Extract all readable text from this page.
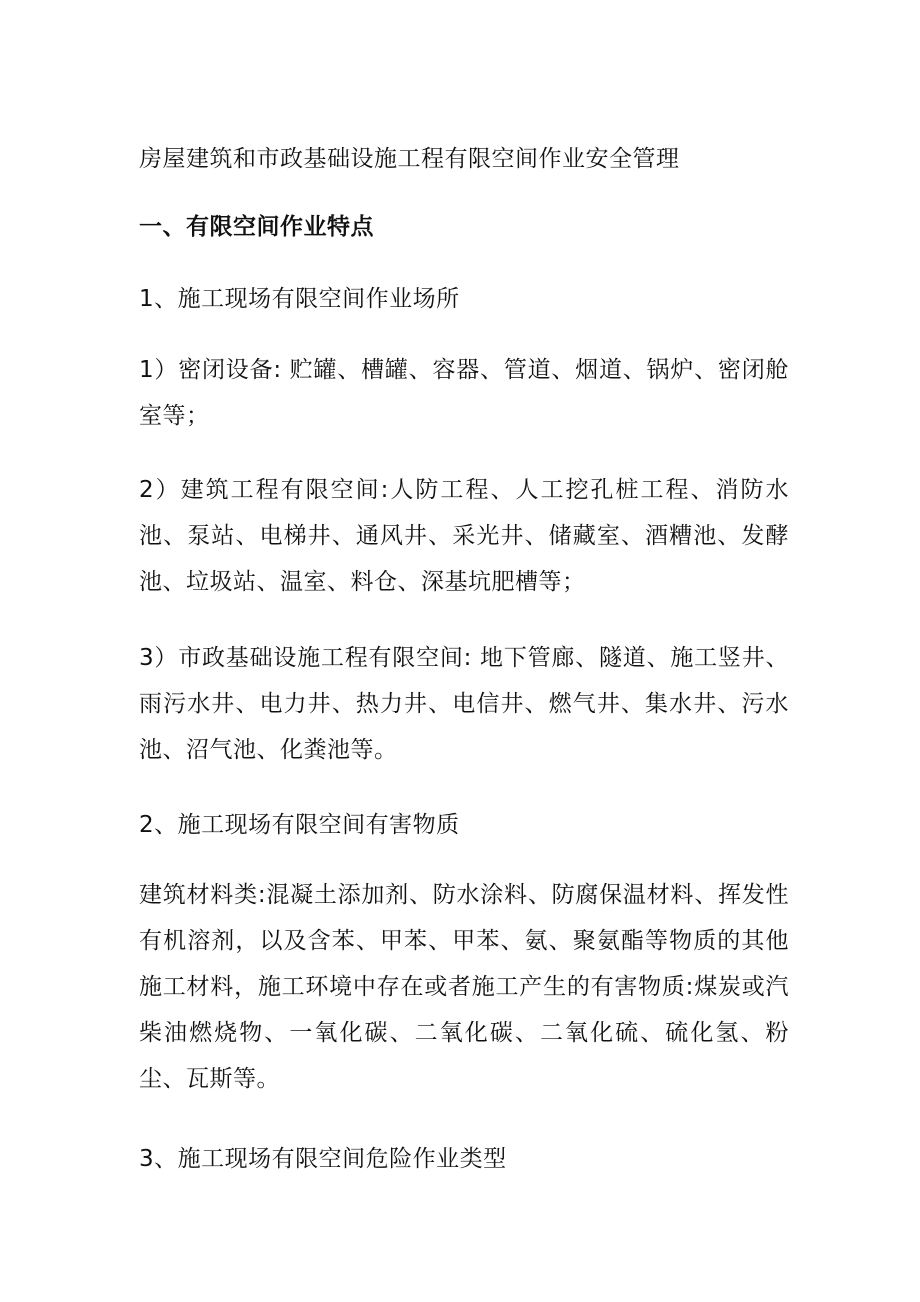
房屋建筑和市政基础设施工程有限空间作业安全管理

一、有限空间作业特点

1、施工现场有限空间作业场所

1）密闭设备: 贮罐、槽罐、容器、管道、烟道、锅炉、密闭舱室等；

2）建筑工程有限空间:人防工程、人工挖孔桩工程、消防水池、泵站、电梯井、通风井、采光井、储藏室、酒糟池、发酵池、垃圾站、温室、料仓、深基坑肥槽等；

3）市政基础设施工程有限空间: 地下管廊、隧道、施工竖井、雨污水井、电力井、热力井、电信井、燃气井、集水井、污水池、沼气池、化粪池等。

2、施工现场有限空间有害物质

建筑材料类:混凝土添加剂、防水涂料、防腐保温材料、挥发性有机溶剂，以及含苯、甲苯、甲苯、氨、聚氨酯等物质的其他施工材料，施工环境中存在或者施工产生的有害物质:煤炭或汽柴油燃烧物、一氧化碳、二氧化碳、二氧化硫、硫化氢、粉尘、瓦斯等。

3、施工现场有限空间危险作业类型
